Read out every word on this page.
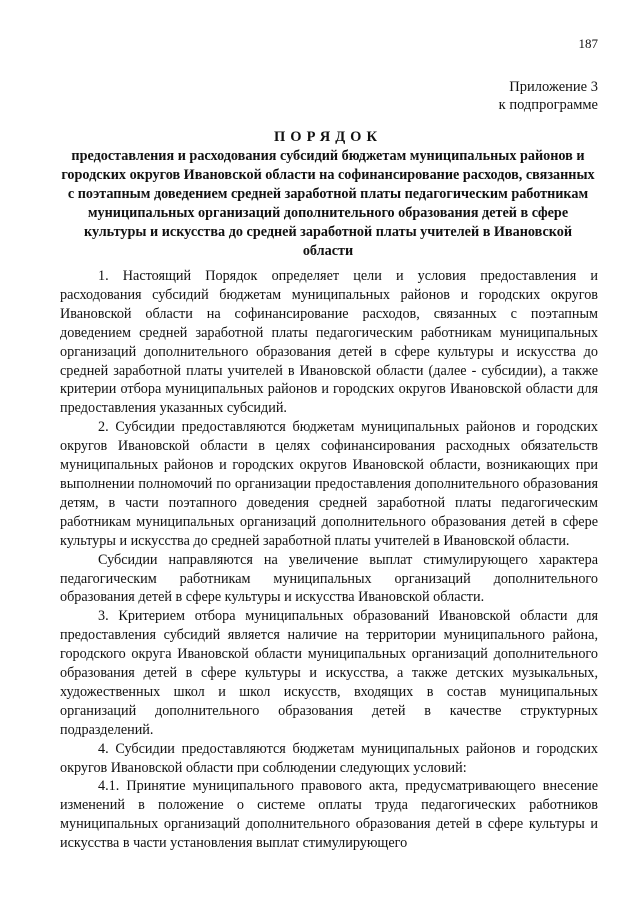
187
Приложение 3
к подпрограмме
ПОРЯДОК
предоставления и расходования субсидий бюджетам муниципальных районов и городских округов Ивановской области на софинансирование расходов, связанных с поэтапным доведением средней заработной платы педагогическим работникам муниципальных организаций дополнительного образования детей в сфере культуры и искусства до средней заработной платы учителей в Ивановской области

1. Настоящий Порядок определяет цели и условия предоставления и расходования субсидий бюджетам муниципальных районов и городских округов Ивановской области на софинансирование расходов, связанных с поэтапным доведением средней заработной платы педагогическим работникам муниципальных организаций дополнительного образования детей в сфере культуры и искусства до средней заработной платы учителей в Ивановской области (далее - субсидии), а также критерии отбора муниципальных районов и городских округов Ивановской области для предоставления указанных субсидий.

2. Субсидии предоставляются бюджетам муниципальных районов и городских округов Ивановской области в целях софинансирования расходных обязательств муниципальных районов и городских округов Ивановской области, возникающих при выполнении полномочий по организации предоставления дополнительного образования детям, в части поэтапного доведения средней заработной платы педагогическим работникам муниципальных организаций дополнительного образования детей в сфере культуры и искусства до средней заработной платы учителей в Ивановской области.

Субсидии направляются на увеличение выплат стимулирующего характера педагогическим работникам муниципальных организаций дополнительного образования детей в сфере культуры и искусства Ивановской области.

3. Критерием отбора муниципальных образований Ивановской области для предоставления субсидий является наличие на территории муниципального района, городского округа Ивановской области муниципальных организаций дополнительного образования детей в сфере культуры и искусства, а также детских музыкальных, художественных школ и школ искусств, входящих в состав муниципальных организаций дополнительного образования детей в качестве структурных подразделений.

4. Субсидии предоставляются бюджетам муниципальных районов и городских округов Ивановской области при соблюдении следующих условий:

4.1. Принятие муниципального правового акта, предусматривающего внесение изменений в положение о системе оплаты труда педагогических работников муниципальных организаций дополнительного образования детей в сфере культуры и искусства в части установления выплат стимулирующего
